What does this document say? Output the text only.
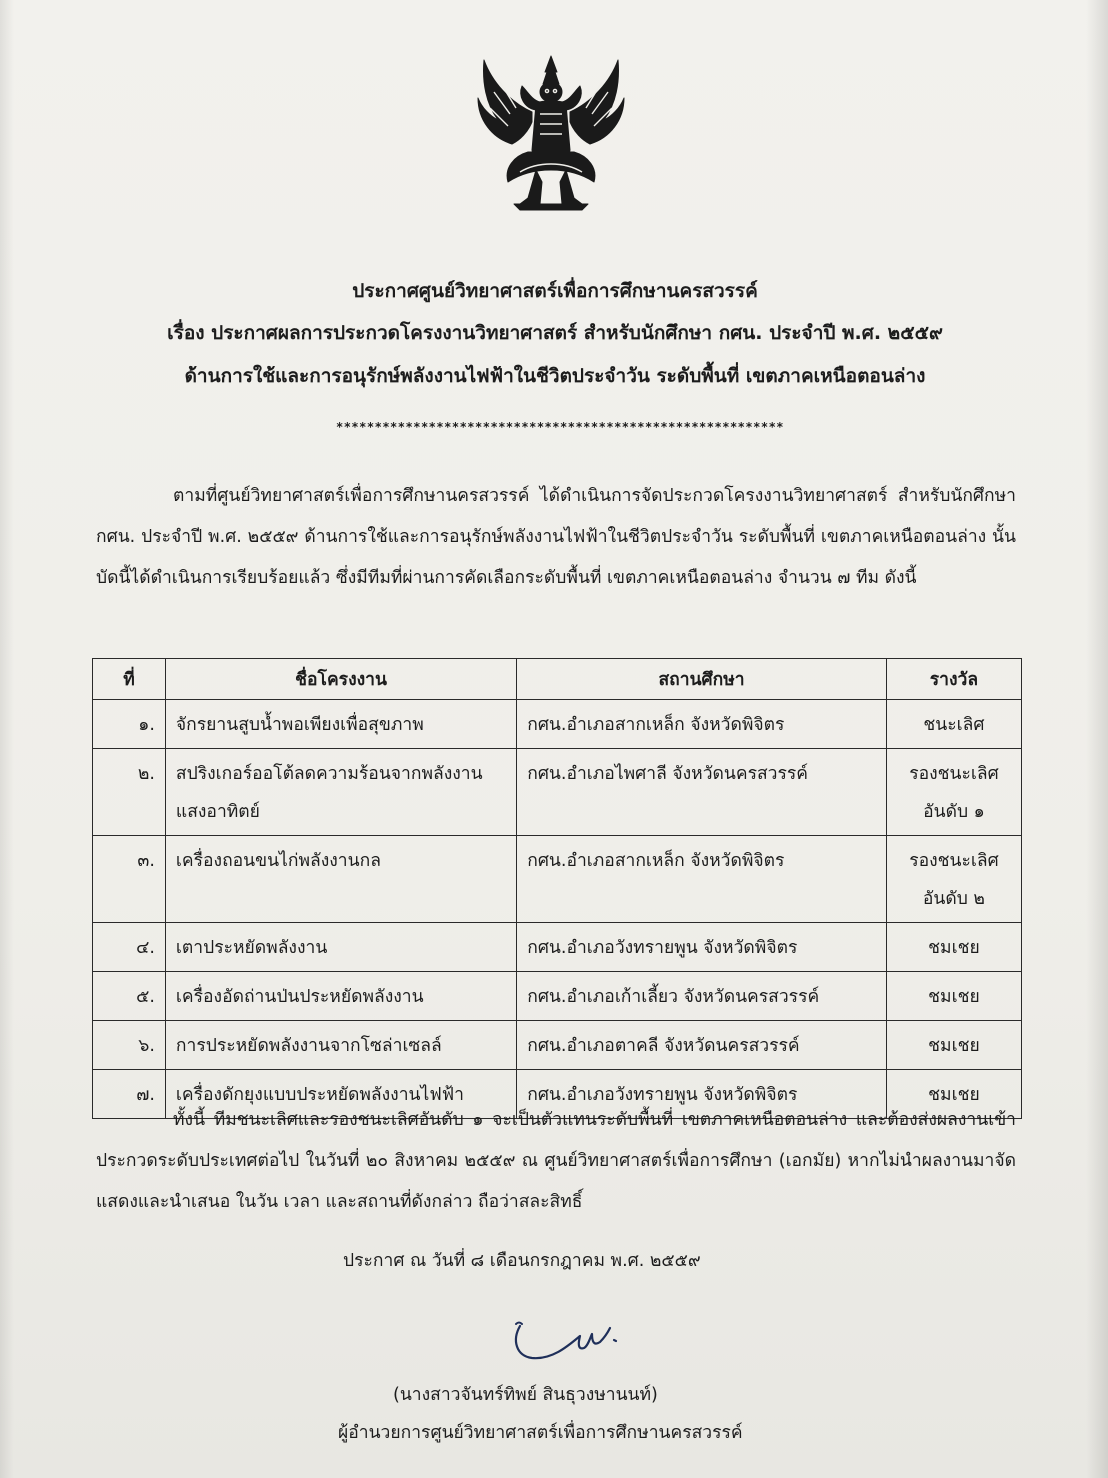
ประกาศศูนย์วิทยาศาสตร์เพื่อการศึกษานครสวรรค์
เรื่อง ประกาศผลการประกวดโครงงานวิทยาศาสตร์ สำหรับนักศึกษา กศน. ประจำปี พ.ศ. ๒๕๕๙
ด้านการใช้และการอนุรักษ์พลังงานไฟฟ้าในชีวิตประจำวัน ระดับพื้นที่ เขตภาคเหนือตอนล่าง
**********************************************************
ตามที่ศูนย์วิทยาศาสตร์เพื่อการศึกษานครสวรรค์ ได้ดำเนินการจัดประกวดโครงงานวิทยาศาสตร์ สำหรับนักศึกษา กศน. ประจำปี พ.ศ. ๒๕๕๙ ด้านการใช้และการอนุรักษ์พลังงานไฟฟ้าในชีวิตประจำวัน ระดับพื้นที่ เขตภาคเหนือตอนล่าง นั้น บัดนี้ได้ดำเนินการเรียบร้อยแล้ว ซึ่งมีทีมที่ผ่านการคัดเลือกระดับพื้นที่ เขตภาคเหนือตอนล่าง จำนวน ๗ ทีม ดังนี้
ที่	ชื่อโครงงาน	สถานศึกษา	รางวัล
๑.	จักรยานสูบน้ำพอเพียงเพื่อสุขภาพ	กศน.อำเภอสากเหล็ก จังหวัดพิจิตร	ชนะเลิศ
๒.	สปริงเกอร์ออโต้ลดความร้อนจากพลังงานแสงอาทิตย์	กศน.อำเภอไพศาลี จังหวัดนครสวรรค์	รองชนะเลิศอันดับ ๑
๓.	เครื่องถอนขนไก่พลังงานกล	กศน.อำเภอสากเหล็ก จังหวัดพิจิตร	รองชนะเลิศอันดับ ๒
๔.	เตาประหยัดพลังงาน	กศน.อำเภอวังทรายพูน จังหวัดพิจิตร	ชมเชย
๕.	เครื่องอัดถ่านป่นประหยัดพลังงาน	กศน.อำเภอเก้าเลี้ยว จังหวัดนครสวรรค์	ชมเชย
๖.	การประหยัดพลังงานจากโซล่าเซลล์	กศน.อำเภอตาคลี จังหวัดนครสวรรค์	ชมเชย
๗.	เครื่องดักยุงแบบประหยัดพลังงานไฟฟ้า	กศน.อำเภอวังทรายพูน จังหวัดพิจิตร	ชมเชย
ทั้งนี้ ทีมชนะเลิศและรองชนะเลิศอันดับ ๑ จะเป็นตัวแทนระดับพื้นที่ เขตภาคเหนือตอนล่าง และต้องส่งผลงานเข้าประกวดระดับประเทศต่อไป ในวันที่ ๒๐ สิงหาคม ๒๕๕๙ ณ ศูนย์วิทยาศาสตร์เพื่อการศึกษา (เอกมัย) หากไม่นำผลงานมาจัดแสดงและนำเสนอ ในวัน เวลา และสถานที่ดังกล่าว ถือว่าสละสิทธิ์
ประกาศ ณ วันที่ ๘ เดือนกรกฎาคม พ.ศ. ๒๕๕๙
(นางสาวจันทร์ทิพย์ สินธุวงษานนท์)
ผู้อำนวยการศูนย์วิทยาศาสตร์เพื่อการศึกษานครสวรรค์
